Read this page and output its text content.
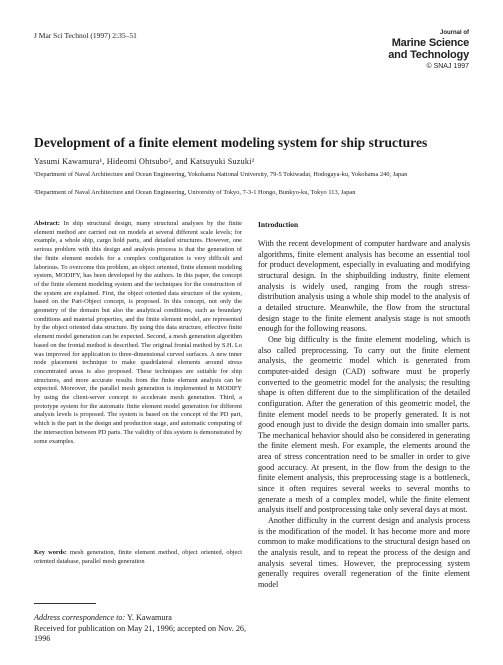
J Mar Sci Technol (1997) 2:35–51	Journal of
Marine Science
and Technology
© SNAJ 1997
Development of a finite element modeling system for ship structures
Yasumi Kawamura¹, Hideomi Ohtsubo², and Katsuyuki Suzuki²
¹Department of Naval Architecture and Ocean Engineering, Yokohama National University, 79-5 Tokiwadai, Hodogaya-ku, Yokohama 240, Japan
²Department of Naval Architecture and Ocean Engineering, University of Tokyo, 7-3-1 Hongo, Bunkyo-ku, Tokyo 113, Japan
Abstract: In ship structural design, many structural analyses by the finite element method are carried out on models at several different scale levels; for example, a whole ship, cargo hold parts, and detailed structures. However, one serious problem with this design and analysis process is that the generation of the finite element models for a complex configuration is very difficult and laborious. To overcome this problem, an object oriented, finite element modeling system, MODIFY, has been developed by the authors. In this paper, the concept of the finite element modeling system and the techniques for the construction of the system are explained. First, the object oriented data structure of the system, based on the Part-Object concept, is proposed. In this concept, not only the geometry of the domain but also the analytical conditions, such as boundary conditions and material properties, and the finite element model, are represented by the object oriented data structure. By using this data structure, effective finite element model generation can be expected. Second, a mesh generation algorithm based on the frontal method is described. The original frontal method by S.H. Lo was improved for application to three-dimensional curved surfaces. A new inner node placement technique to make quadrilateral elements around stress concentrated areas is also proposed. These techniques are suitable for ship structures, and more accurate results from the finite element analysis can be expected. Moreover, the parallel mesh generation is implemented in MODIFY by using the client-server concept to accelerate mesh generation. Third, a prototype system for the automatic finite element model generation for different analysis levels is proposed. The system is based on the concept of the PD part, which is the part in the design and production stage, and automatic computing of the intersection between PD parts. The validity of this system is demonstrated by some examples.
Key words: mesh generation, finite element method, object oriented, object oriented database, parallel mesh generation
Address correspondence to: Y. Kawamura
Received for publication on May 21, 1996; accepted on Nov. 26, 1996
Introduction

With the recent development of computer hardware and analysis algorithms, finite element analysis has become an essential tool for product development, especially in evaluating and modifying structural design. In the shipbuilding industry, finite element analysis is widely used, ranging from the rough stress-distribution analysis using a whole ship model to the analysis of a detailed structure. Meanwhile, the flow from the structural design stage to the finite element analysis stage is not smooth enough for the following reasons.

One big difficulty is the finite element modeling, which is also called preprocessing. To carry out the finite element analysis, the geometric model which is generated from computer-aided design (CAD) software must be properly converted to the geometric model for the analysis; the resulting shape is often different due to the simplification of the detailed configuration. After the generation of this geometric model, the finite element model needs to be properly generated. It is not good enough just to divide the design domain into smaller parts. The mechanical behavior should also be considered in generating the finite element mesh. For example, the elements around the area of stress concentration need to be smaller in order to give good accuracy. At present, in the flow from the design to the finite element analysis, this preprocessing stage is a bottleneck, since it often requires several weeks to several months to generate a mesh of a complex model, while the finite element analysis itself and postprocessing take only several days at most.

Another difficulty in the current design and analysis process is the modification of the model. It has become more and more common to make modifications to the structural design based on the analysis result, and to repeat the process of the design and analysis several times. However, the preprocessing system generally requires overall regeneration of the finite element model
